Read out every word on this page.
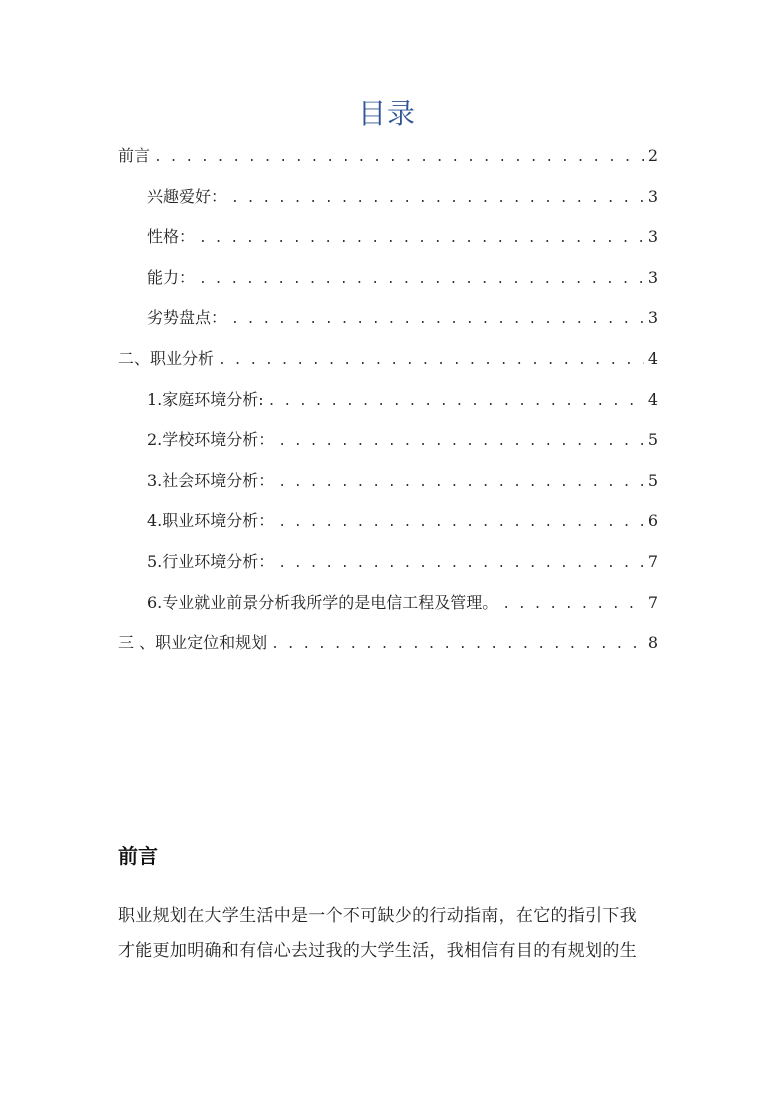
目录
前言 . . .	2
兴趣爱好： . . .	3
性格： . . .	3
能力： . . .	3
劣势盘点： . . .	3
二、职业分析 . . .	4
1.家庭环境分析: . . .	4
2.学校环境分析： . . .	5
3.社会环境分析： . . .	5
4.职业环境分析： . . .	6
5.行业环境分析： . . .	7
6.专业就业前景分析我所学的是电信工程及管理。 . . .	7
三 、职业定位和规划 . . .	8
前言

职业规划在大学生活中是一个不可缺少的行动指南，在它的指引下我

才能更加明确和有信心去过我的大学生活，我相信有目的有规划的生
